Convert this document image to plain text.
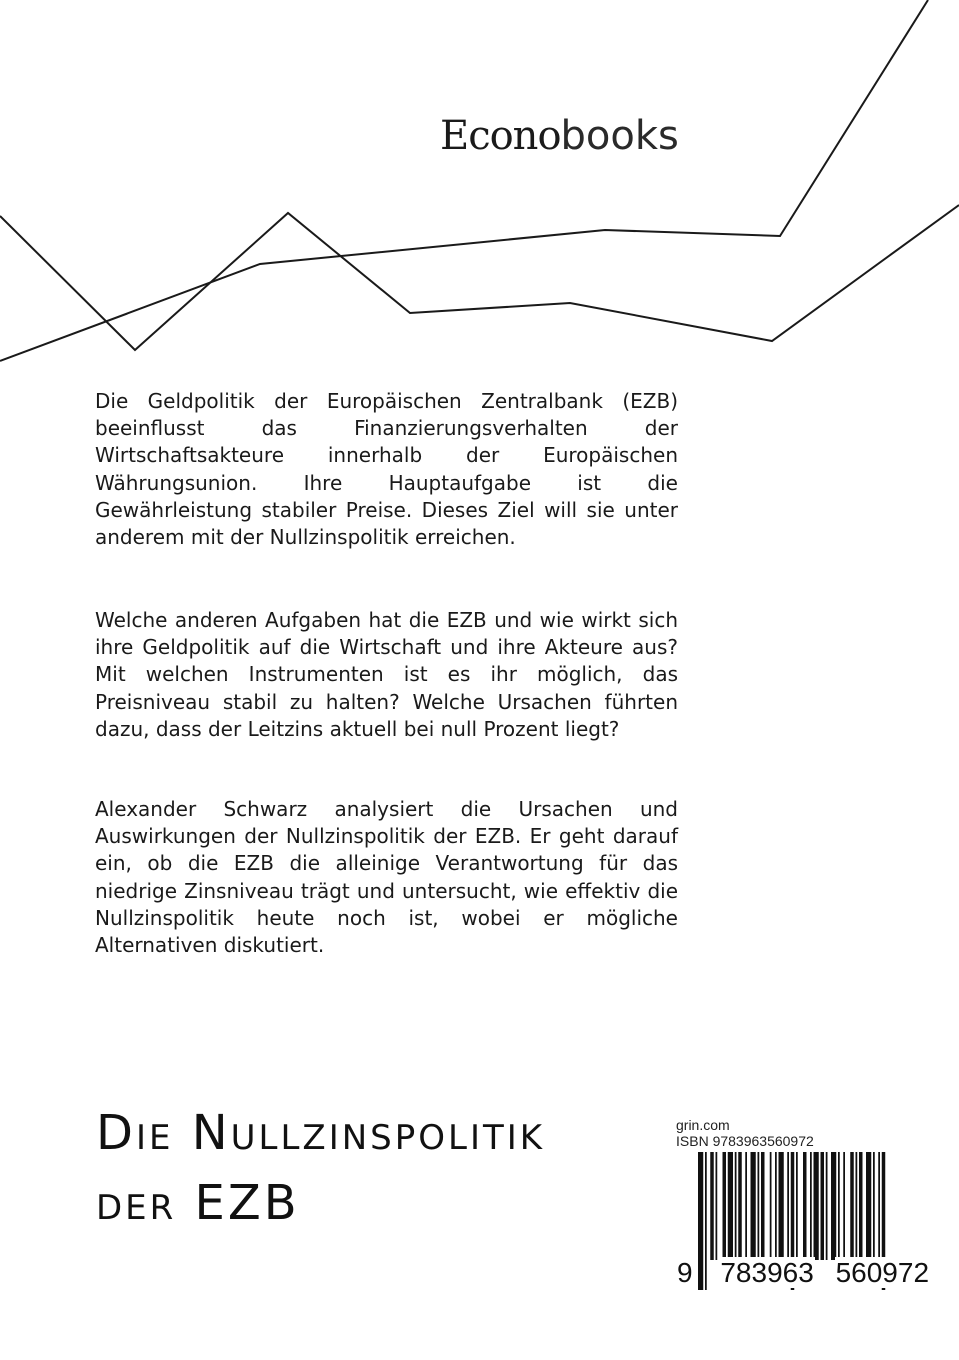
Econobooks

Die Geldpolitik der Europäischen Zentralbank (EZB) beeinflusst das Finanzierungsverhalten der Wirtschaftsakteure innerhalb der Europäischen Währungsunion. Ihre Hauptaufgabe ist die Gewährleistung stabiler Preise. Dieses Ziel will sie unter anderem mit der Nullzinspolitik erreichen.

Welche anderen Aufgaben hat die EZB und wie wirkt sich ihre Geldpolitik auf die Wirtschaft und ihre Akteure aus? Mit welchen Instrumenten ist es ihr möglich, das Preisniveau stabil zu halten? Welche Ursachen führten dazu, dass der Leitzins aktuell bei null Prozent liegt?

Alexander Schwarz analysiert die Ursachen und Auswirkungen der Nullzinspolitik der EZB. Er geht darauf ein, ob die EZB die alleinige Verantwortung für das niedrige Zinsniveau trägt und untersucht, wie effektiv die Nullzinspolitik heute noch ist, wobei er mögliche Alternativen diskutiert.

Die Nullzinspolitik
der EZB
grin.com
ISBN 9783963560972
9 783963 560972
